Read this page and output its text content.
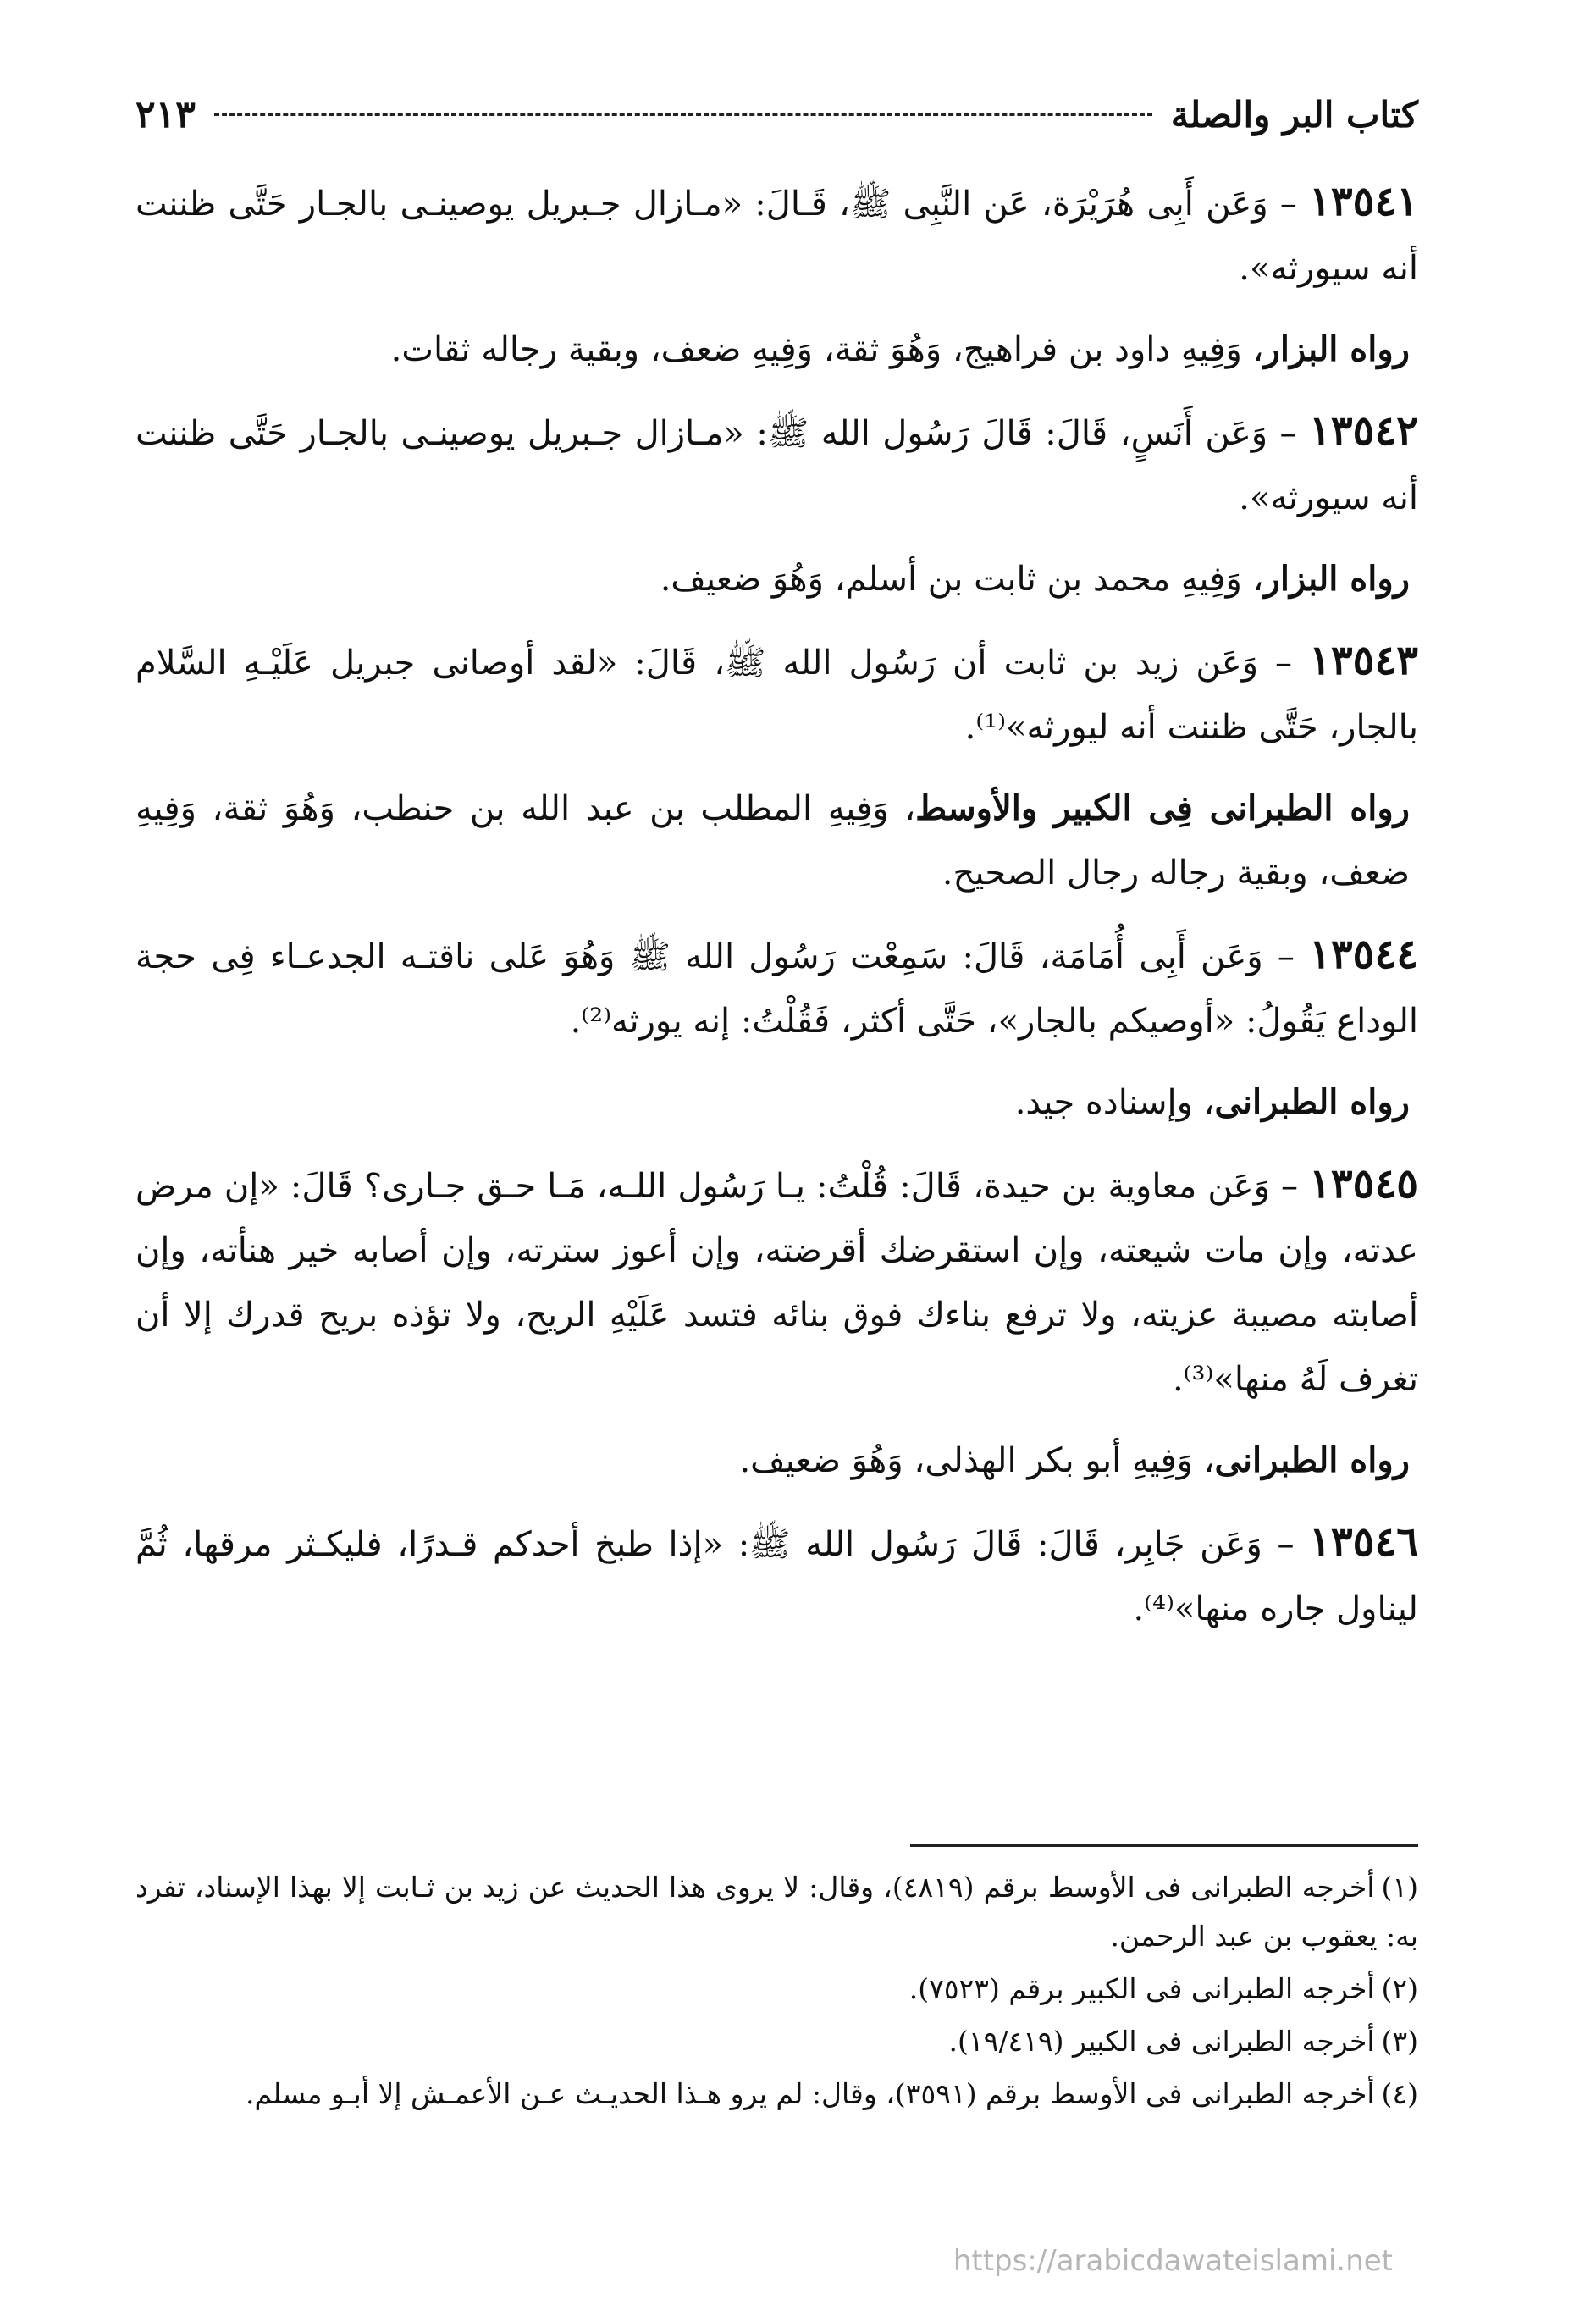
كتاب البر والصلة
٢١٣

١٣٥٤١ – وَعَن أَبِى هُرَيْرَة، عَن النَّبِى ﷺ، قَـالَ: «مـازال جـبريل يوصينـى بالجـار حَتَّى ظننت أنه سيورثه».

رواه البزار، وَفِيهِ داود بن فراهيج، وَهُوَ ثقة، وَفِيهِ ضعف، وبقية رجاله ثقات.

١٣٥٤٢ – وَعَن أَنَسٍ، قَالَ: قَالَ رَسُول الله ﷺ: «مـازال جـبريل يوصينـى بالجـار حَتَّى ظننت أنه سيورثه».

رواه البزار، وَفِيهِ محمد بن ثابت بن أسلم، وَهُوَ ضعيف.

١٣٥٤٣ – وَعَن زيد بن ثابت أن رَسُول الله ﷺ، قَالَ: «لقد أوصانى جبريل عَلَيْـهِ السَّلام بالجار، حَتَّى ظننت أنه ليورثه»⁽¹⁾.

رواه الطبرانى فِى الكبير والأوسط، وَفِيهِ المطلب بن عبد الله بن حنطب، وَهُوَ ثقة، وَفِيهِ ضعف، وبقية رجاله رجال الصحيح.

١٣٥٤٤ – وَعَن أَبِى أُمَامَة، قَالَ: سَمِعْت رَسُول الله ﷺ وَهُوَ عَلى ناقتـه الجدعـاء فِى حجة الوداع يَقُولُ: «أوصيكم بالجار»، حَتَّى أكثر، فَقُلْتُ: إنه يورثه⁽²⁾.

رواه الطبرانى، وإسناده جيد.

١٣٥٤٥ – وَعَن معاوية بن حيدة، قَالَ: قُلْتُ: يـا رَسُول اللـه، مَـا حـق جـارى؟ قَالَ: «إن مرض عدته، وإن مات شيعته، وإن استقرضك أقرضته، وإن أعوز سترته، وإن أصابه خير هنأته، وإن أصابته مصيبة عزيته، ولا ترفع بناءك فوق بنائه فتسد عَلَيْهِ الريح، ولا تؤذه بريح قدرك إلا أن تغرف لَهُ منها»⁽³⁾.

رواه الطبرانى، وَفِيهِ أبو بكر الهذلى، وَهُوَ ضعيف.

١٣٥٤٦ – وَعَن جَابِر، قَالَ: قَالَ رَسُول الله ﷺ: «إذا طبخ أحدكم قـدرًا، فليكـثر مرقها، ثُمَّ ليناول جاره منها»⁽⁴⁾.

(١)أخرجه الطبرانى فى الأوسط برقم (٤٨١٩)، وقال: لا يروى هذا الحديث عن زيد بن ثـابت إلا بهذا الإسناد، تفرد به: يعقوب بن عبد الرحمن.

(٢)أخرجه الطبرانى فى الكبير برقم (٧٥٢٣).

(٣)أخرجه الطبرانى فى الكبير (١٩/٤١٩).

(٤)أخرجه الطبرانى فى الأوسط برقم (٣٥٩١)، وقال: لم يرو هـذا الحديـث عـن الأعمـش إلا أبـو مسلم.

https://arabicdawateislami.net
